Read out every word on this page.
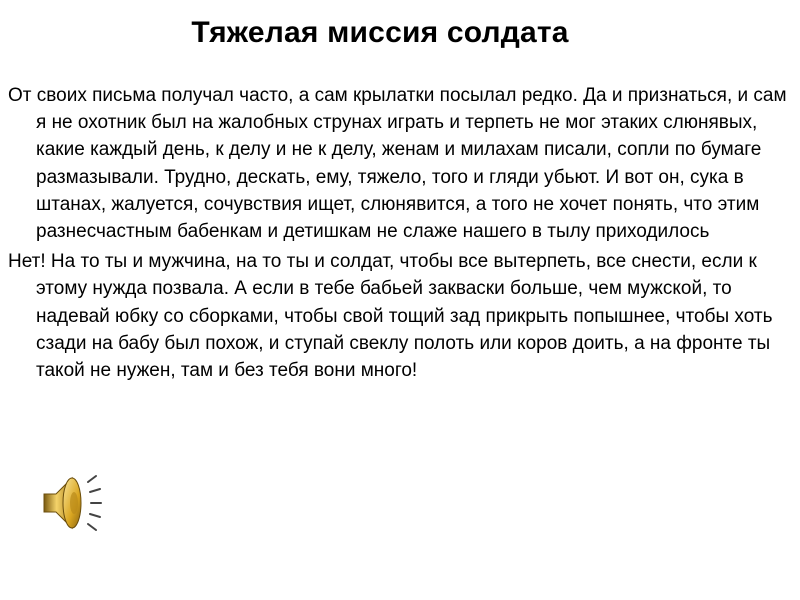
Тяжелая миссия солдата

От своих письма получал часто, а сам крылатки посылал редко. Да и признаться, и сам я не охотник был на жалобных струнах играть и терпеть не мог этаких слюнявых, какие каждый день, к делу и не к делу, женам и милахам писали, сопли по бумаге размазывали. Трудно, дескать, ему, тяжело, того и гляди убьют. И вот он, сука в штанах, жалуется, сочувствия ищет, слюнявится, а того не хочет понять, что этим разнесчастным бабенкам и детишкам не слаже нашего в тылу приходилось

Нет! На то ты и мужчина, на то ты и солдат, чтобы все вытерпеть, все снести, если к этому нужда позвала. А если в тебе бабьей закваски больше, чем мужской, то надевай юбку со сборками, чтобы свой тощий зад прикрыть попышнее, чтобы хоть сзади на бабу был похож, и ступай свеклу полоть или коров доить, а на фронте ты такой не нужен, там и без тебя вони много!
